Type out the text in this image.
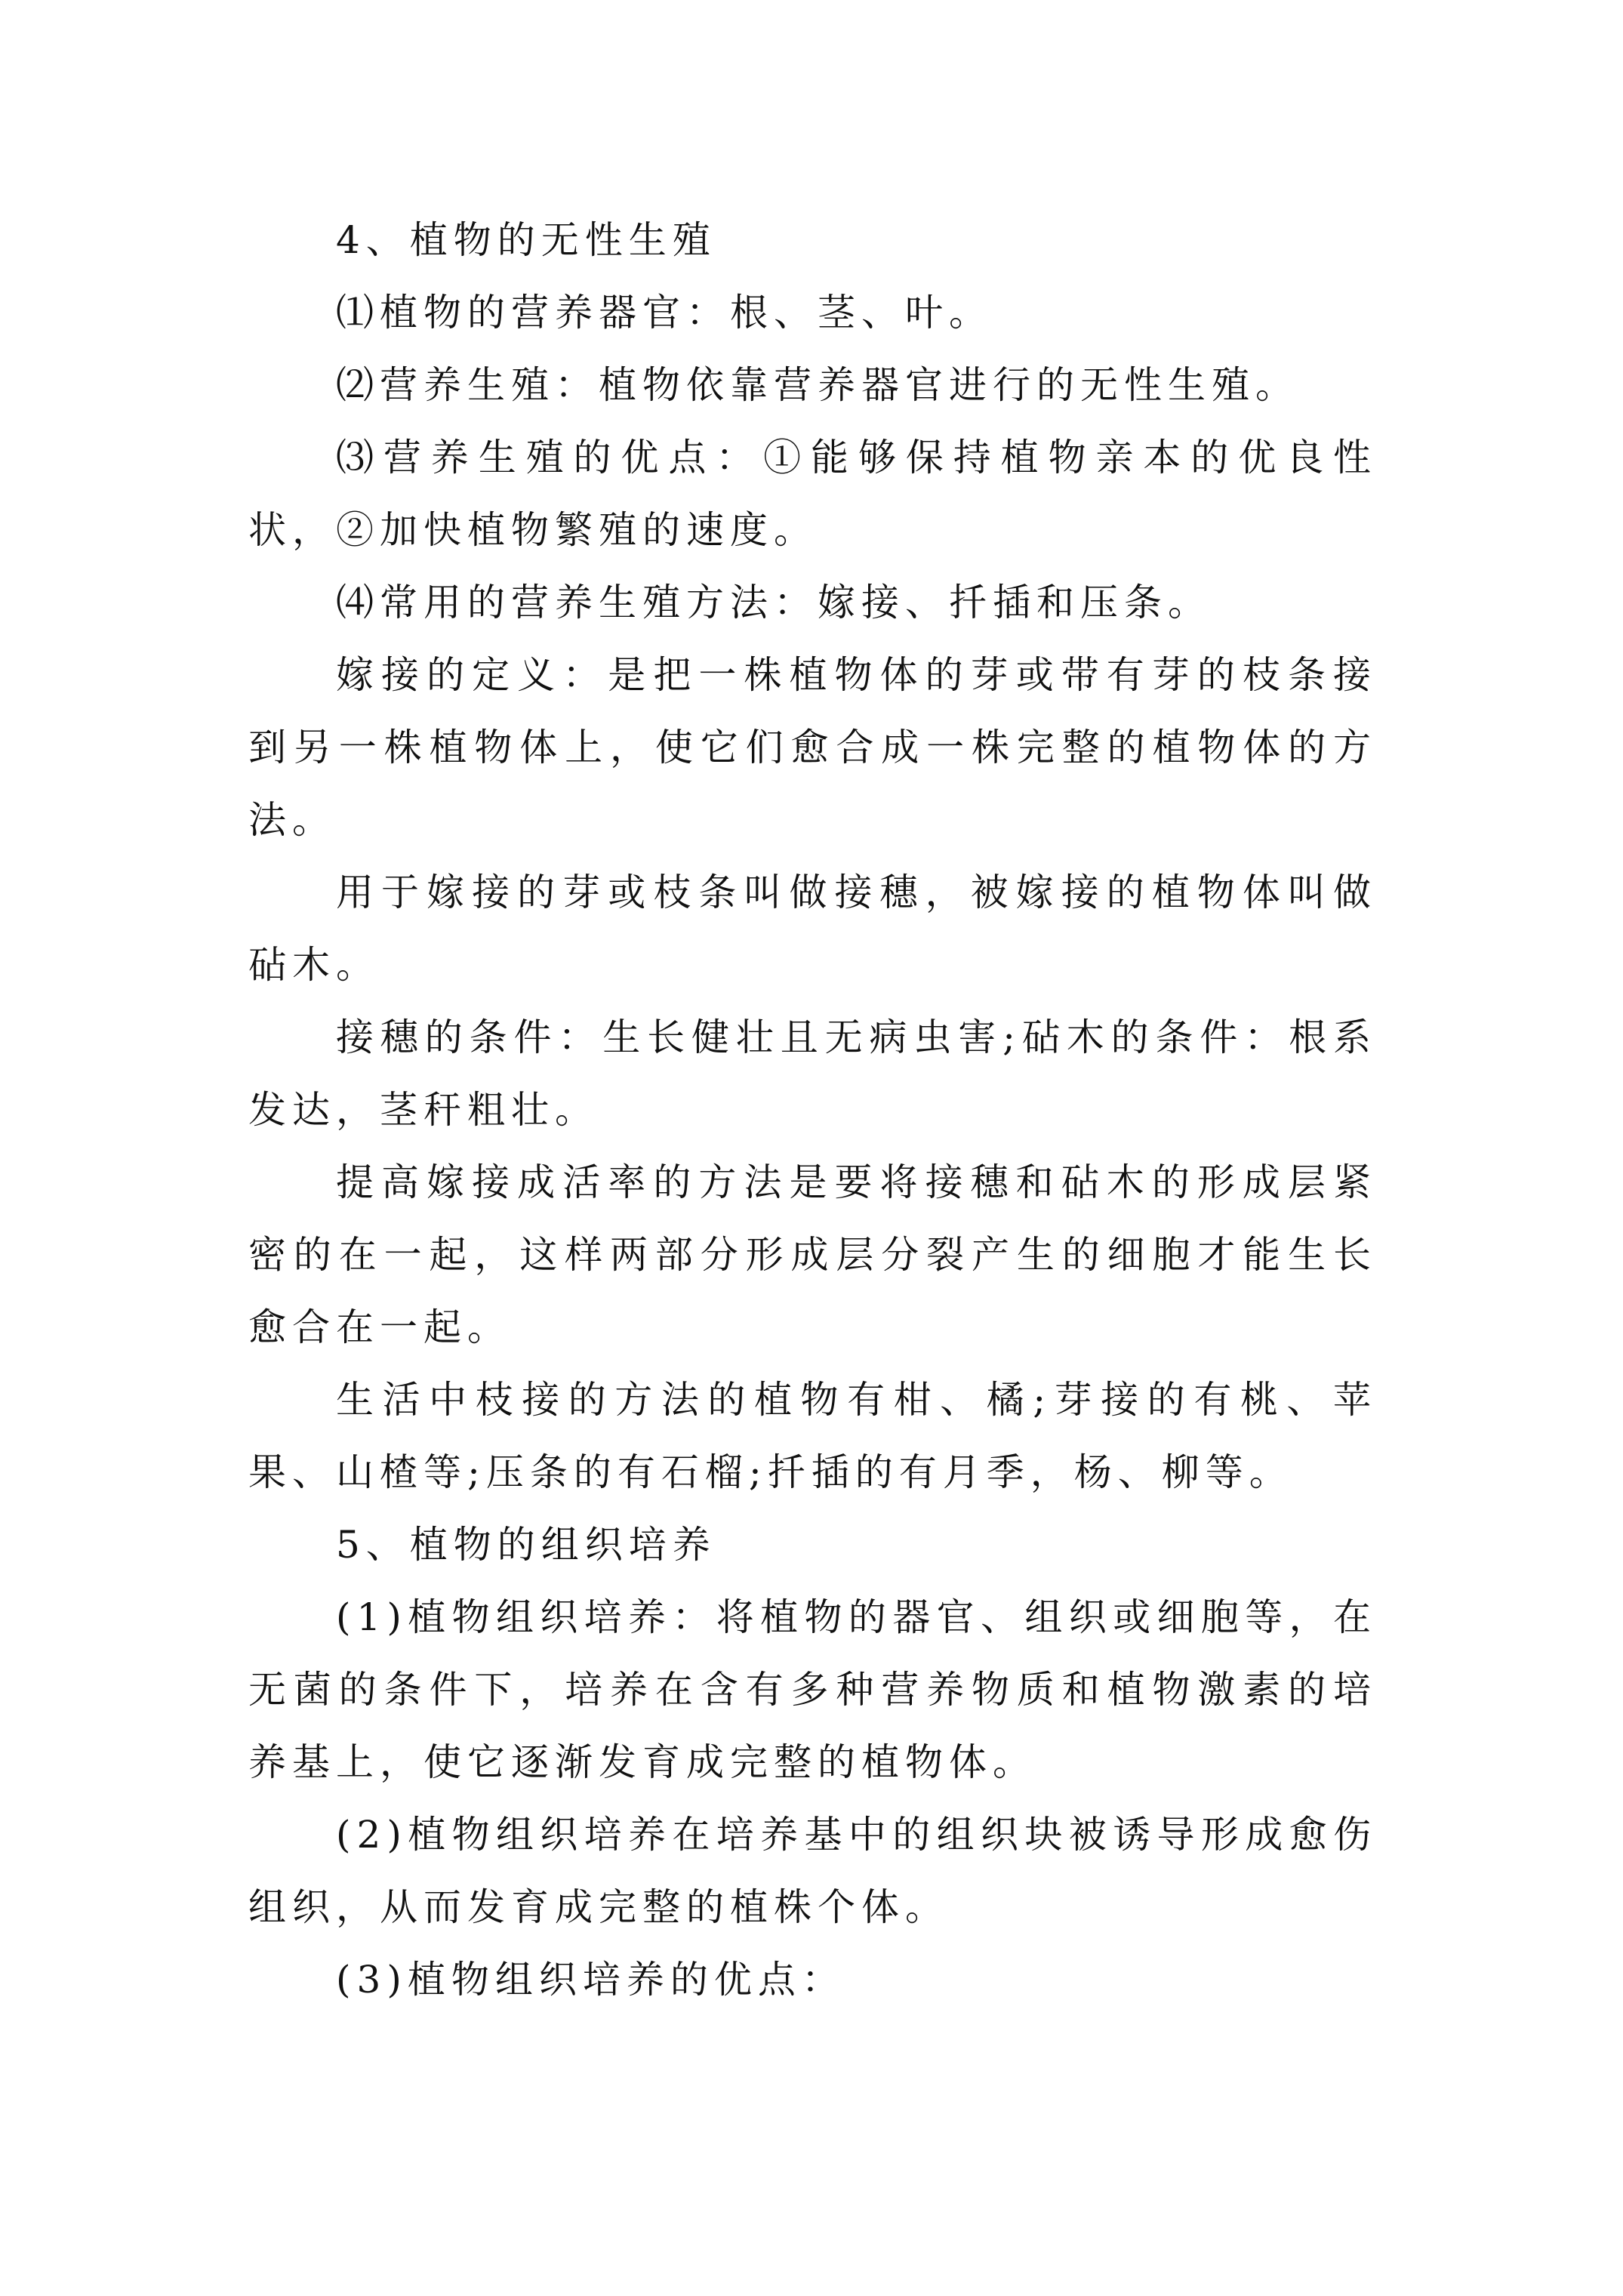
4、植物的无性生殖

⑴植物的营养器官：根、茎、叶。

⑵营养生殖：植物依靠营养器官进行的无性生殖。

⑶营养生殖的优点：①能够保持植物亲本的优良性状，②加快植物繁殖的速度。

⑷常用的营养生殖方法：嫁接、扦插和压条。

嫁接的定义：是把一株植物体的芽或带有芽的枝条接到另一株植物体上，使它们愈合成一株完整的植物体的方法。

用于嫁接的芽或枝条叫做接穗，被嫁接的植物体叫做砧木。

接穗的条件：生长健壮且无病虫害;砧木的条件：根系发达，茎秆粗壮。

提高嫁接成活率的方法是要将接穗和砧木的形成层紧密的在一起，这样两部分形成层分裂产生的细胞才能生长愈合在一起。

生活中枝接的方法的植物有柑、橘;芽接的有桃、苹果、山楂等;压条的有石榴;扦插的有月季，杨、柳等。

5、植物的组织培养

(1)植物组织培养：将植物的器官、组织或细胞等，在无菌的条件下，培养在含有多种营养物质和植物激素的培养基上，使它逐渐发育成完整的植物体。

(2)植物组织培养在培养基中的组织块被诱导形成愈伤组织，从而发育成完整的植株个体。

(3)植物组织培养的优点：
